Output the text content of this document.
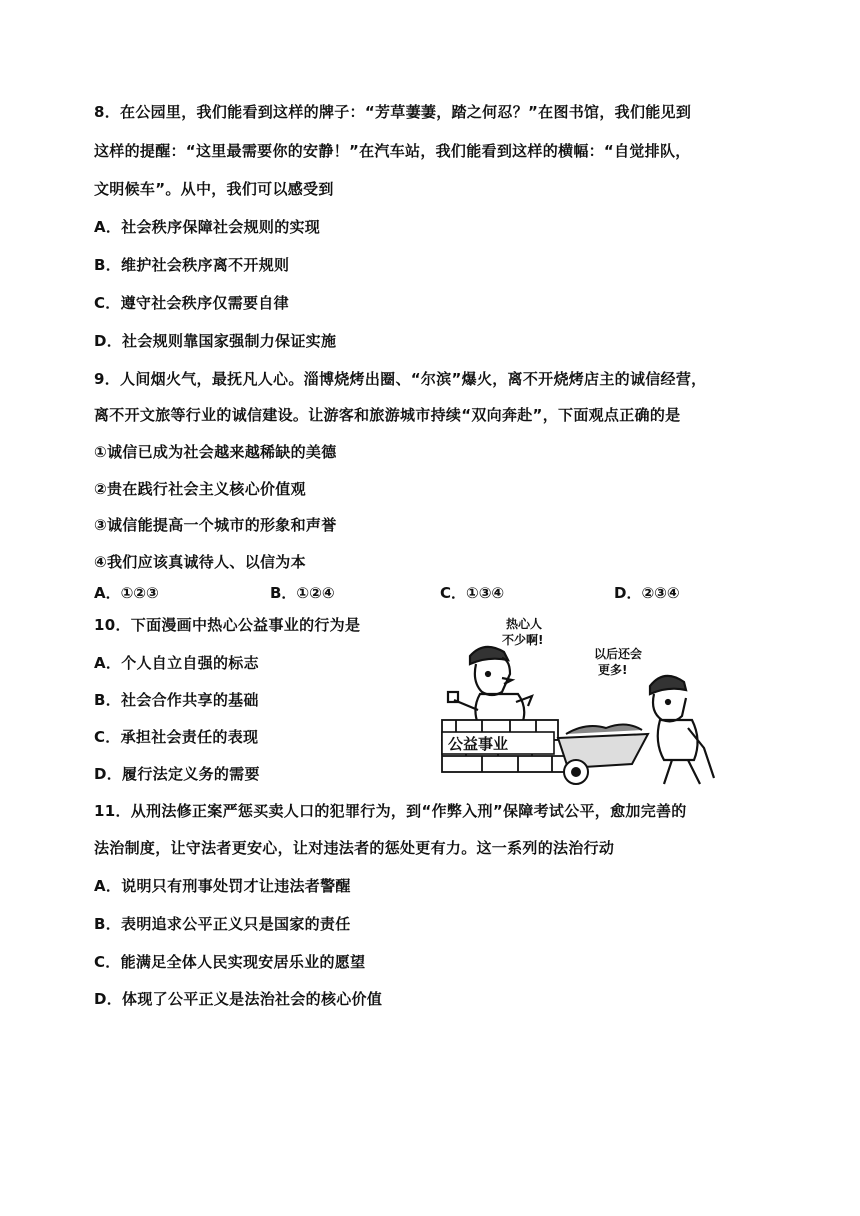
8．在公园里，我们能看到这样的牌子：“芳草萋萋，踏之何忍？”在图书馆，我们能见到
这样的提醒：“这里最需要你的安静！”在汽车站，我们能看到这样的横幅：“自觉排队，
文明候车”。从中，我们可以感受到
A．社会秩序保障社会规则的实现
B．维护社会秩序离不开规则
C．遵守社会秩序仅需要自律
D．社会规则靠国家强制力保证实施
9．人间烟火气，最抚凡人心。淄博烧烤出圈、“尔滨”爆火，离不开烧烤店主的诚信经营，
离不开文旅等行业的诚信建设。让游客和旅游城市持续“双向奔赴”，下面观点正确的是
①诚信已成为社会越来越稀缺的美德
②贵在践行社会主义核心价值观
③诚信能提高一个城市的形象和声誉
④我们应该真诚待人、以信为本
A．①②③	B．①②④	C．①③④	D．②③④
10．下面漫画中热心公益事业的行为是
A．个人自立自强的标志
B．社会合作共享的基础
C．承担社会责任的表现
D．履行法定义务的需要
公益事业
热心人
不少啊!
以后还会
更多!
11．从刑法修正案严惩买卖人口的犯罪行为，到“作弊入刑”保障考试公平，愈加完善的
法治制度，让守法者更安心，让对违法者的惩处更有力。这一系列的法治行动
A．说明只有刑事处罚才让违法者警醒
B．表明追求公平正义只是国家的责任
C．能满足全体人民实现安居乐业的愿望
D．体现了公平正义是法治社会的核心价值
